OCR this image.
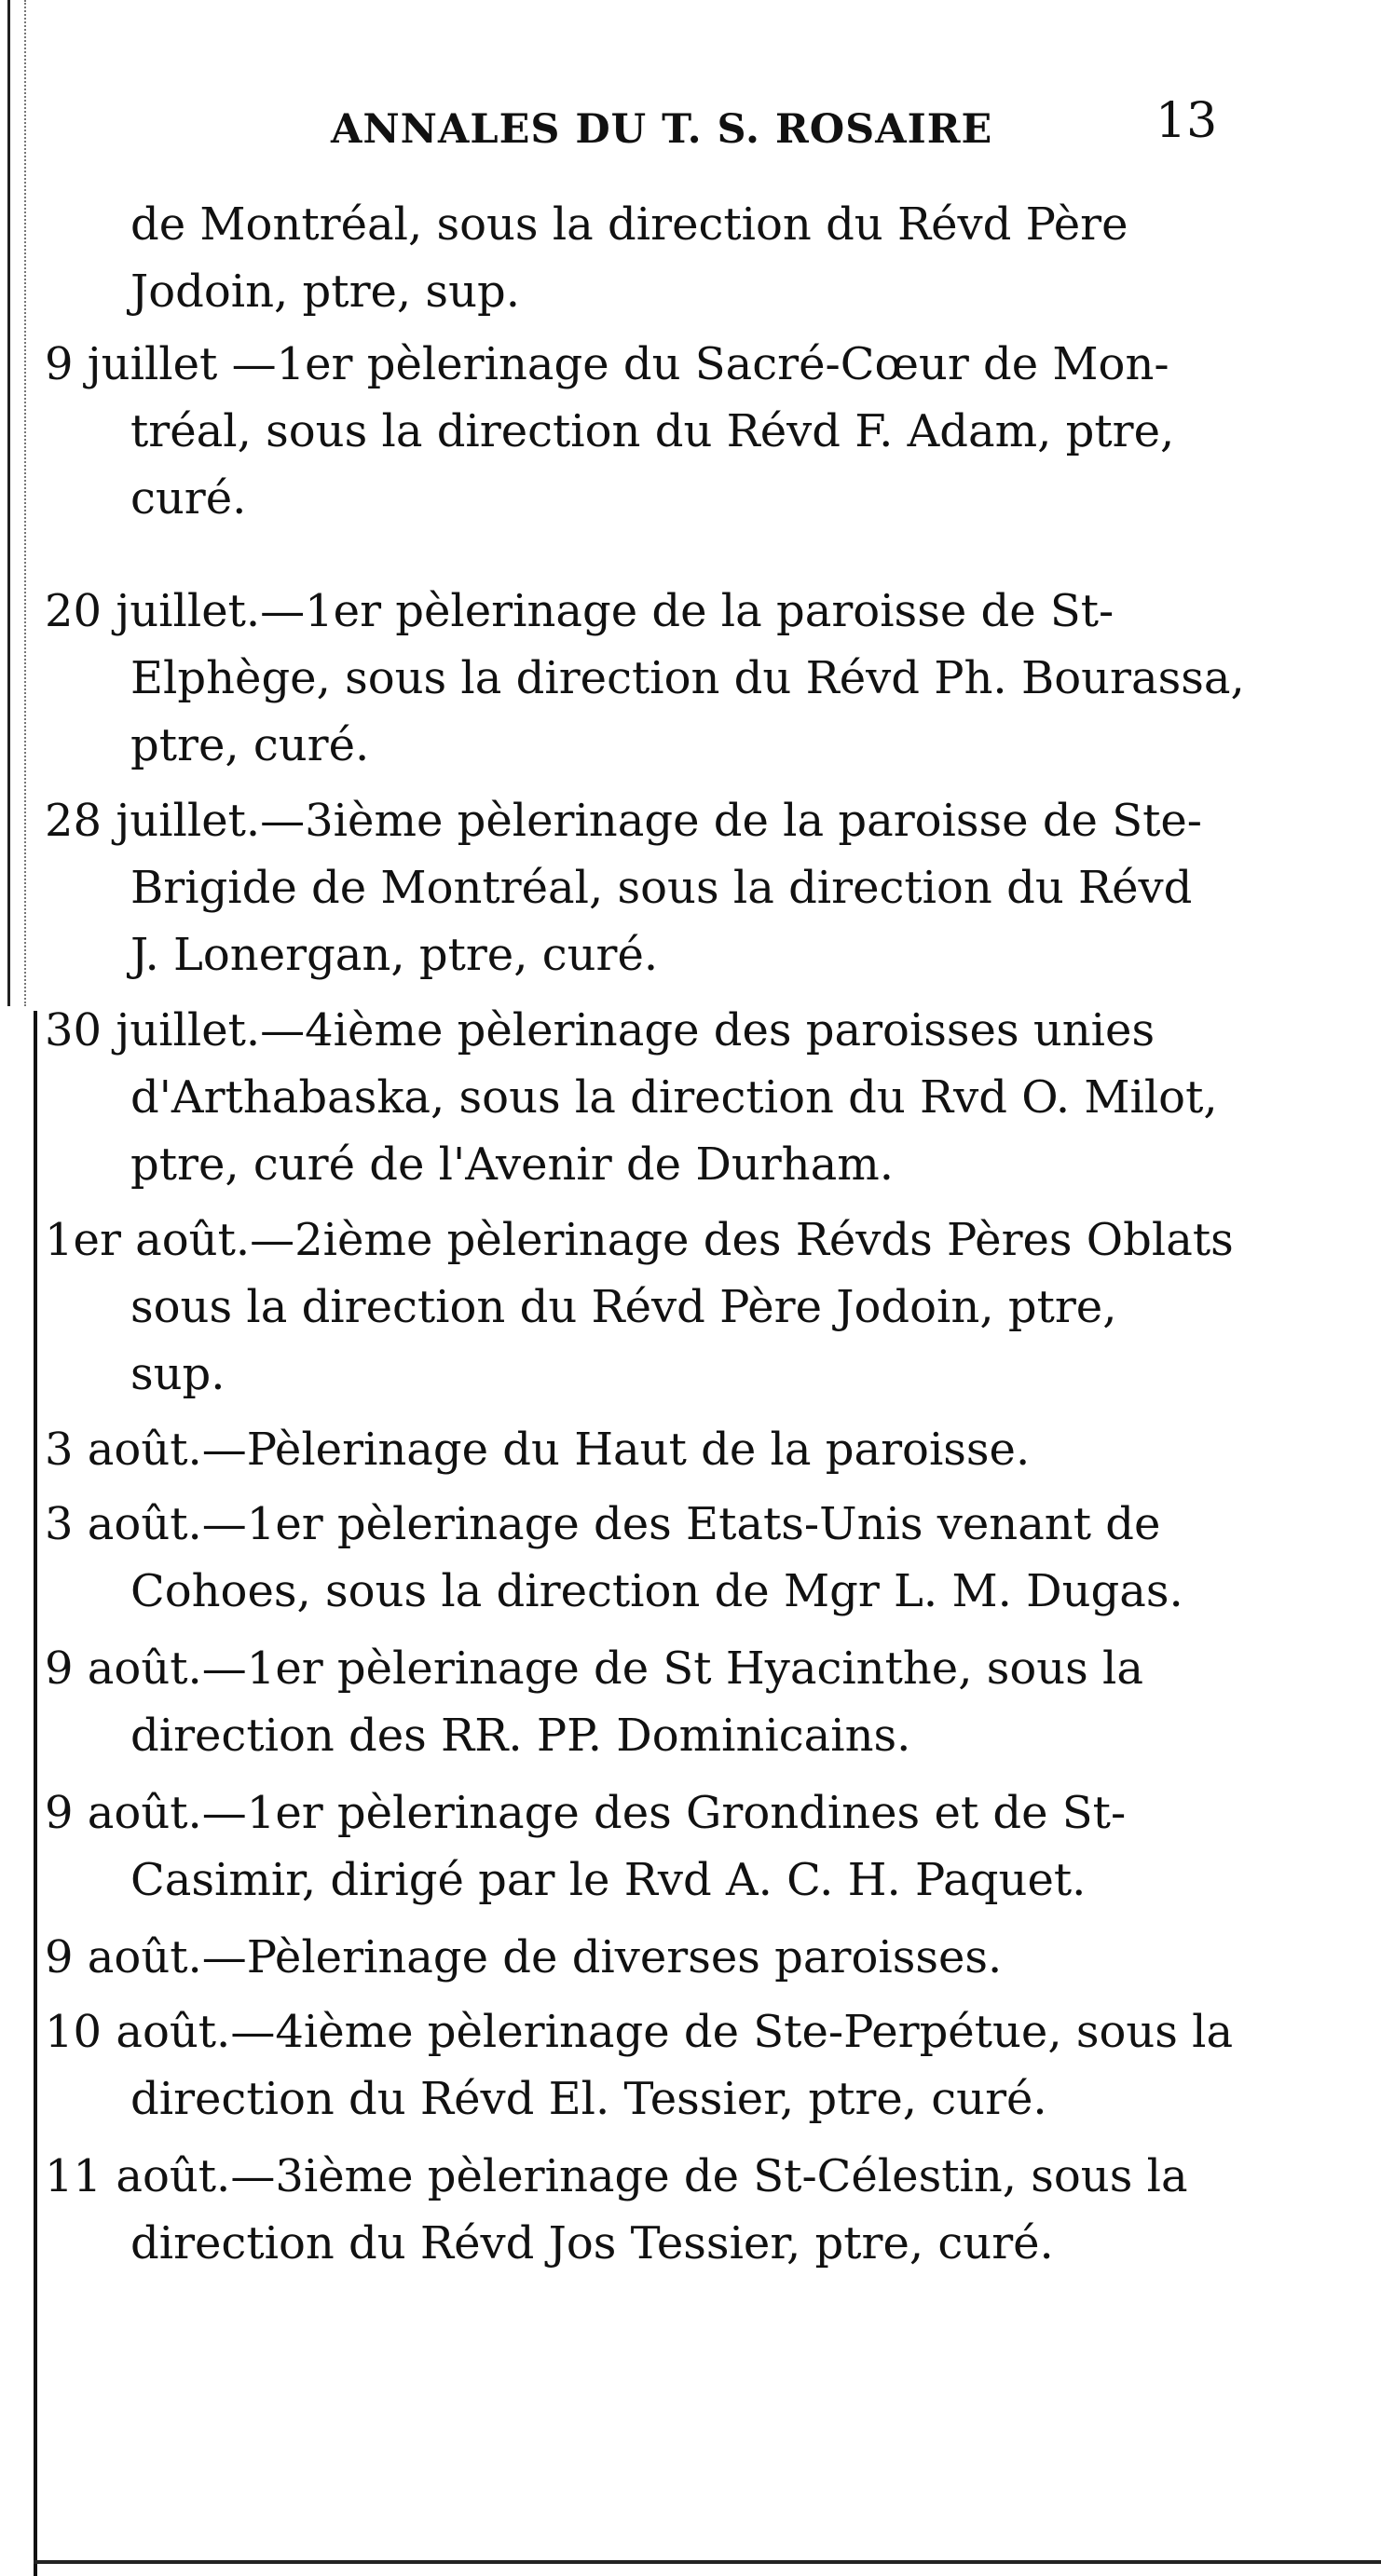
ANNALES DU T. S. ROSAIRE	13
de Montréal, sous la direction du Révd Père
Jodoin, ptre, sup.
9 juillet —1er pèlerinage du Sacré-Cœur de Mon-
tréal, sous la direction du Révd F. Adam, ptre,
curé.
20 juillet.—1er pèlerinage de la paroisse de St-
Elphège, sous la direction du Révd Ph. Bourassa,
ptre, curé.
28 juillet.—3ième pèlerinage de la paroisse de Ste-
Brigide de Montréal, sous la direction du Révd
J. Lonergan, ptre, curé.
30 juillet.—4ième pèlerinage des paroisses unies
d'Arthabaska, sous la direction du Rvd O. Milot,
ptre, curé de l'Avenir de Durham.
1er août.—2ième pèlerinage des Révds Pères Oblats
sous la direction du Révd Père Jodoin, ptre,
sup.
3 août.—Pèlerinage du Haut de la paroisse.
3 août.—1er pèlerinage des Etats-Unis venant de
Cohoes, sous la direction de Mgr L. M. Dugas.
9 août.—1er pèlerinage de St Hyacinthe, sous la
direction des RR. PP. Dominicains.
9 août.—1er pèlerinage des Grondines et de St-
Casimir, dirigé par le Rvd A. C. H. Paquet.
9 août.—Pèlerinage de diverses paroisses.
10 août.—4ième pèlerinage de Ste-Perpétue, sous la
direction du Révd El. Tessier, ptre, curé.
11 août.—3ième pèlerinage de St-Célestin, sous la
direction du Révd Jos Tessier, ptre, curé.
